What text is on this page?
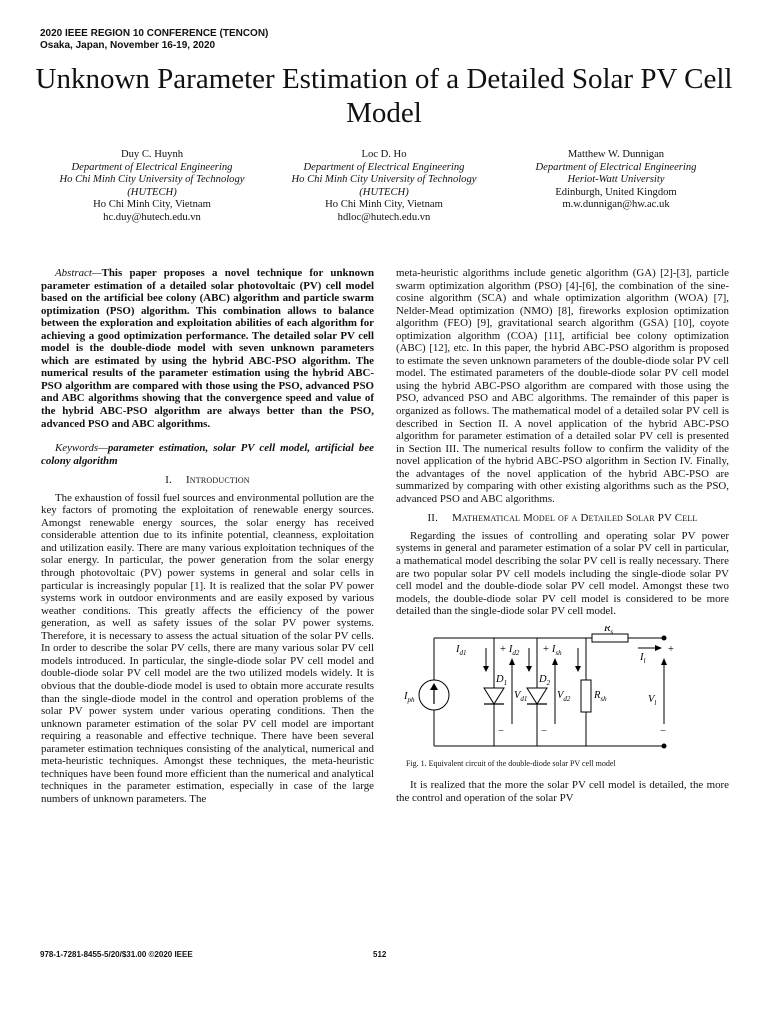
2020 IEEE REGION 10 CONFERENCE (TENCON)
Osaka, Japan, November 16-19, 2020
Unknown Parameter Estimation of a Detailed Solar PV Cell Model
Duy C. Huynh
Department of Electrical Engineering
Ho Chi Minh City University of Technology (HUTECH)
Ho Chi Minh City, Vietnam
hc.duy@hutech.edu.vn
Loc D. Ho
Department of Electrical Engineering
Ho Chi Minh City University of Technology (HUTECH)
Ho Chi Minh City, Vietnam
hdloc@hutech.edu.vn
Matthew W. Dunnigan
Department of Electrical Engineering
Heriot-Watt University
Edinburgh, United Kingdom
m.w.dunnigan@hw.ac.uk

Abstract—This paper proposes a novel technique for unknown parameter estimation of a detailed solar photovoltaic (PV) cell model based on the artificial bee colony (ABC) algorithm and particle swarm optimization (PSO) algorithm. This combination allows to balance between the exploration and exploitation abilities of each algorithm for achieving a good optimization performance. The detailed solar PV cell model is the double-diode model with seven unknown parameters which are estimated by using the hybrid ABC-PSO algorithm. The numerical results of the parameter estimation using the hybrid ABC-PSO algorithm are compared with those using the PSO, advanced PSO and ABC algorithms showing that the convergence speed and value of the hybrid ABC-PSO algorithm are always better than the PSO, advanced PSO and ABC algorithms.

Keywords—parameter estimation, solar PV cell model, artificial bee colony algorithm

I. Introduction

The exhaustion of fossil fuel sources and environmental pollution are the key factors of promoting the exploitation of renewable energy sources. Amongst renewable energy sources, the solar energy has received considerable attention due to its infinite potential, cleanness, exploitation and utilization easily. There are many various exploitation techniques of the solar energy. In particular, the power generation from the solar energy through photovoltaic (PV) power systems in general and solar cells in particular is increasingly popular [1]. It is realized that the solar PV power systems work in outdoor environments and are easily exposed by various weather conditions. This greatly affects the efficiency of the power generation, as well as safety issues of the solar PV power systems. Therefore, it is necessary to assess the actual situation of the solar PV cells. In order to describe the solar PV cells, there are many various solar PV cell models introduced. In particular, the single-diode solar PV cell model and double-diode solar PV cell model are the two utilized models widely. It is obvious that the double-diode model is used to obtain more accurate results than the single-diode model in the control and operation problems of the solar PV power system under various operating conditions. Then the unknown parameter estimation of the solar PV cell model are important requiring a reasonable and effective technique. There have been several parameter estimation techniques consisting of the analytical, numerical and meta-heuristic techniques. Amongst these techniques, the meta-heuristic techniques have been found more efficient than the numerical and analytical techniques in the parameter estimation, especially in case of the large numbers of unknown parameters. The

meta-heuristic algorithms include genetic algorithm (GA) [2]-[3], particle swarm optimization algorithm (PSO) [4]-[6], the combination of the sine-cosine algorithm (SCA) and whale optimization algorithm (WOA) [7], Nelder-Mead optimization (NMO) [8], fireworks explosion optimization algorithm (FEO) [9], gravitational search algorithm (GSA) [10], coyote optimization algorithm (COA) [11], artificial bee colony optimization (ABC) [12], etc. In this paper, the hybrid ABC-PSO algorithm is proposed to estimate the seven unknown parameters of the double-diode solar PV cell model. The estimated parameters of the double-diode solar PV cell model using the hybrid ABC-PSO algorithm are compared with those using the PSO, advanced PSO and ABC algorithms. The remainder of this paper is organized as follows. The mathematical model of a detailed solar PV cell is described in Section II. A novel application of the hybrid ABC-PSO algorithm for parameter estimation of a detailed solar PV cell is presented in Section III. The numerical results follow to confirm the validity of the novel application of the hybrid ABC-PSO algorithm in Section IV. Finally, the advantages of the novel application of the hybrid ABC-PSO are summarized by comparing with other existing algorithms such as the PSO, advanced PSO and ABC algorithms.

II. Mathematical Model of a Detailed Solar PV Cell

Regarding the issues of controlling and operating solar PV power systems in general and parameter estimation of a solar PV cell in particular, a mathematical model describing the solar PV cell is really necessary. There are two popular solar PV cell models including the single-diode solar PV cell model and the double-diode solar PV cell model. Amongst these two models, the double-diode solar PV cell model is considered to be more detailed than the single-diode solar PV cell model.

$I_{ph}$
$I_{d1}$	+ $I_{d2} + I_{sh}$
$D_1$	$D_2$
$V_{d1}$	$V_{d2}$ $R_{sh}$
$R_s$
$I_l$
+
$V_l$
−	−	−

Fig. 1. Equivalent circuit of the double-diode solar PV cell model

It is realized that the more the solar PV cell model is detailed, the more the control and operation of the solar PV

978-1-7281-8455-5/20/$31.00 ©2020 IEEE	512
